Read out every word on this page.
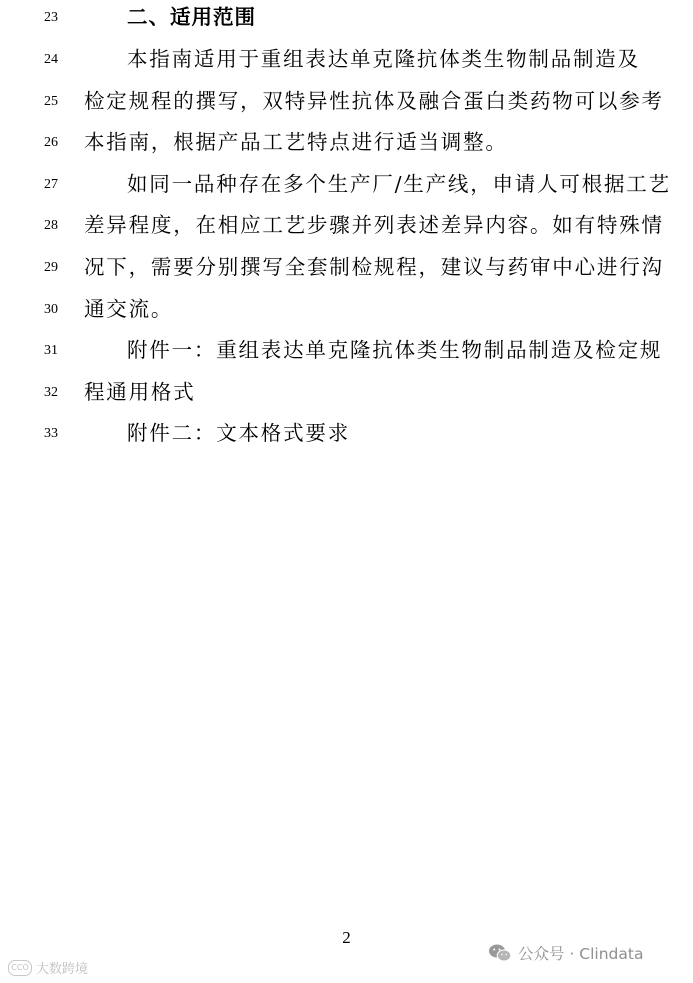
23	二、适用范围
24	本指南适用于重组表达单克隆抗体类生物制品制造及
25 检定规程的撰写，双特异性抗体及融合蛋白类药物可以参考
26 本指南，根据产品工艺特点进行适当调整。
27	如同一品种存在多个生产厂/生产线，申请人可根据工艺
28 差异程度，在相应工艺步骤并列表述差异内容。如有特殊情
29 况下，需要分别撰写全套制检规程，建议与药审中心进行沟
30 通交流。
31	附件一：重组表达单克隆抗体类生物制品制造及检定规
32 程通用格式
33	附件二：文本格式要求
2
CCO 大数跨境
公众号 · Clindata
